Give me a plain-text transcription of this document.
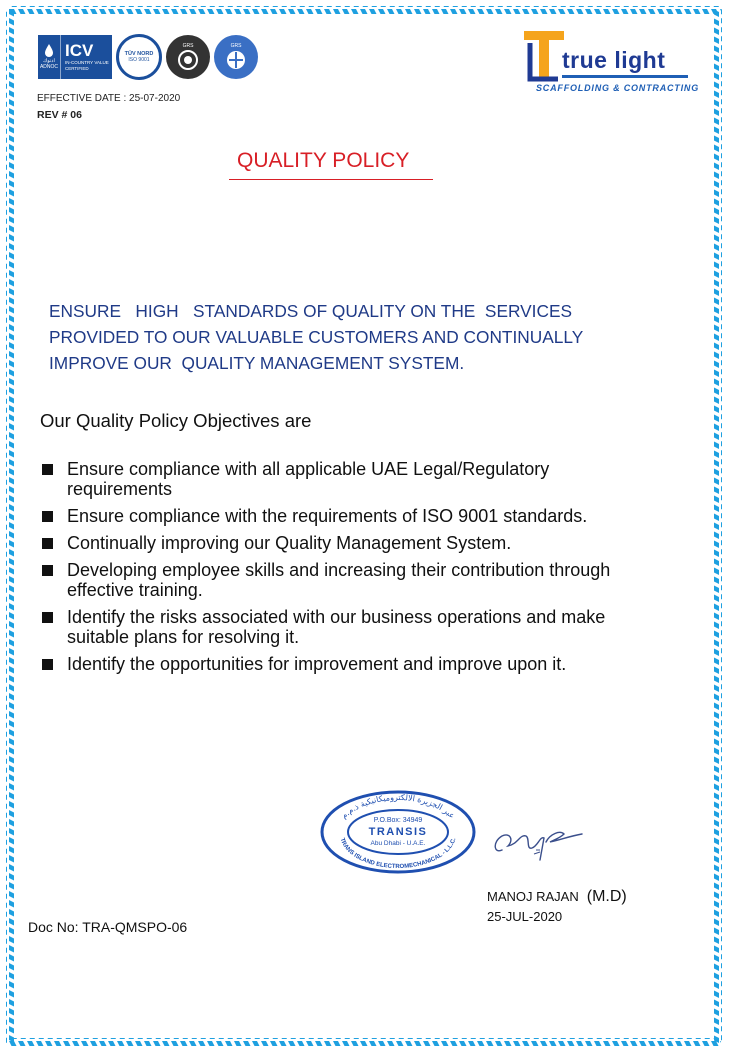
ادنوك
ADNOC
ICV
IN-COUNTRY VALUE
CERTIFIED
TÜV NORD
ISO 9001
GRS	GRS
EFFECTIVE DATE : 25-07-2020
REV # 06
true light
SCAFFOLDING & CONTRACTING
QUALITY POLICY
ENSURE   HIGH   STANDARDS OF QUALITY ON THE  SERVICES
PROVIDED TO OUR VALUABLE CUSTOMERS AND CONTINUALLY
IMPROVE OUR  QUALITY MANAGEMENT SYSTEM.
Our Quality Policy Objectives are
Ensure compliance with all applicable UAE Legal/Regulatory requirements
Ensure compliance with the requirements of ISO 9001 standards.
Continually improving our Quality Management System.
Developing employee skills and increasing their contribution through effective training.
Identify the risks associated with our business operations and make suitable plans for resolving it.
Identify the opportunities for improvement and improve upon it.
عبر الجزيرة الالكتروميكانيكية ذ.م.م
TRANS ISLAND ELECTROMECHANICAL - L.L.C.
P.O.Box: 34949
TRANSIS
Abu Dhabi - U.A.E.
MANOJ RAJAN (M.D)
25-JUL-2020
Doc No: TRA-QMSPO-06
